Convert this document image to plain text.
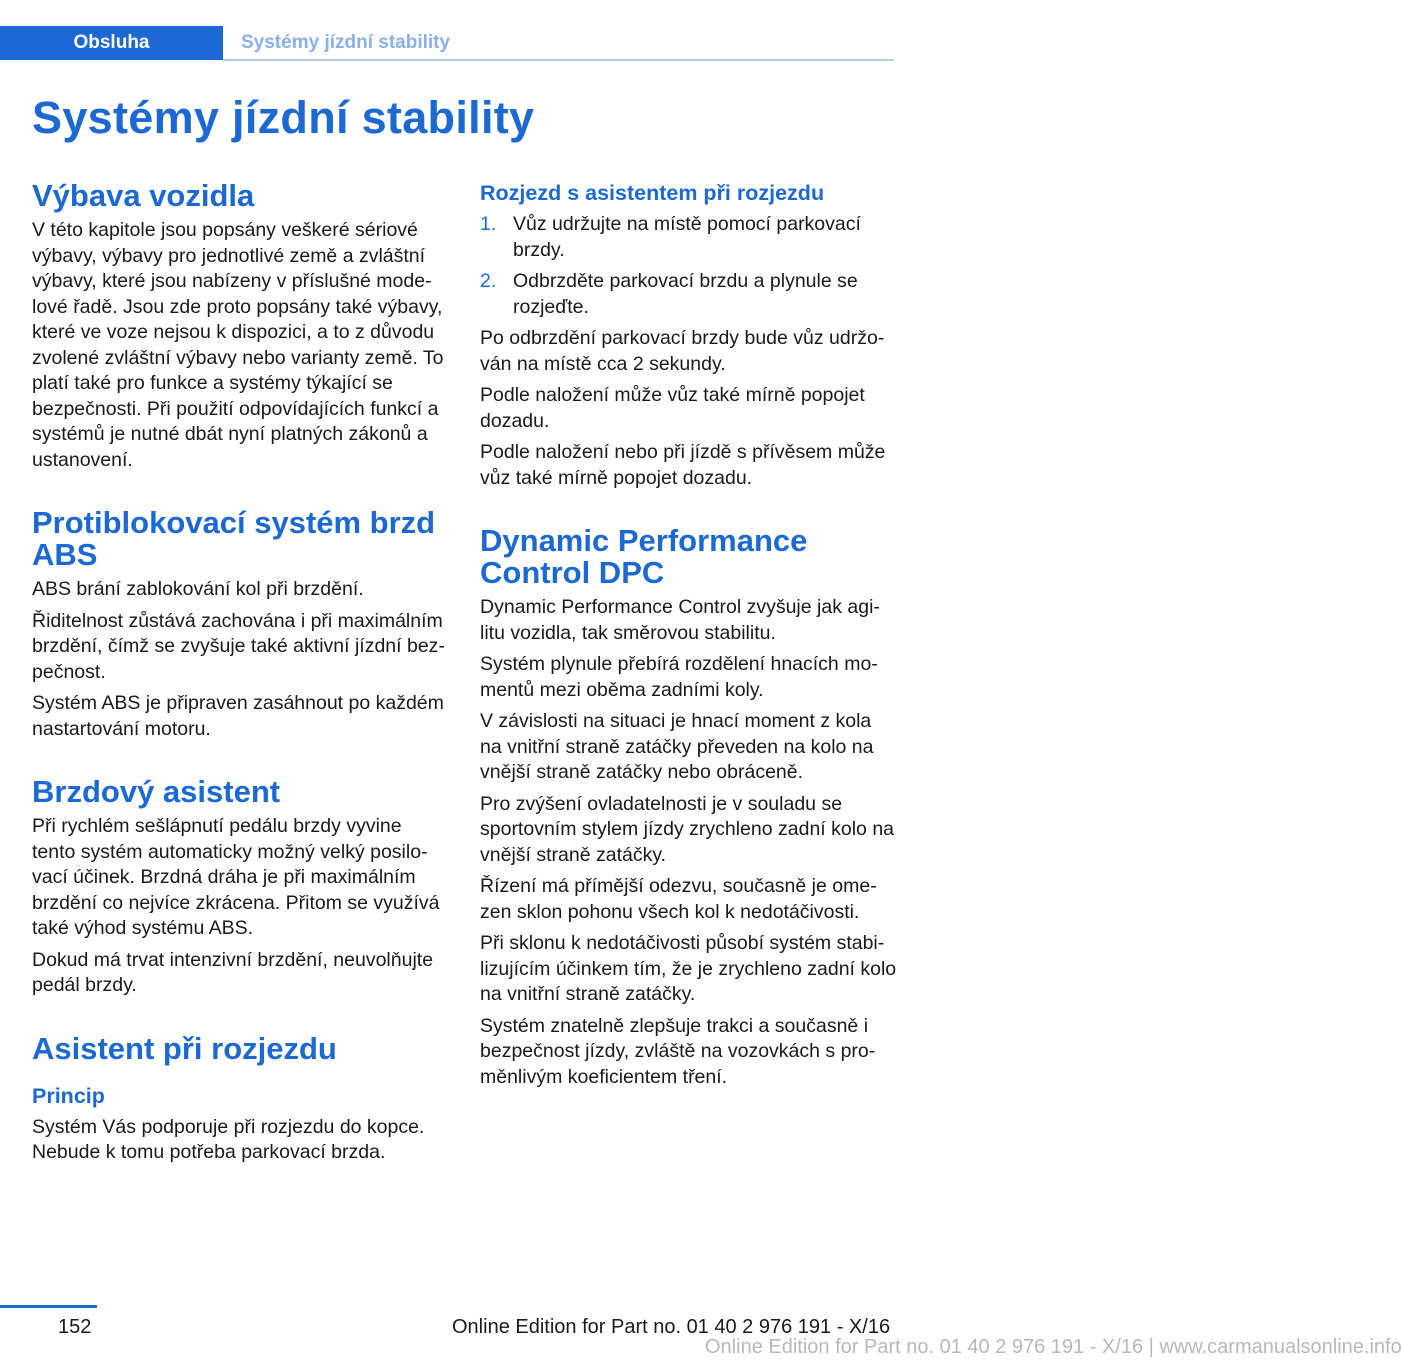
Obsluha	Systémy jízdní stability
Systémy jízdní stability
Výbava vozidla

V této kapitole jsou popsány veškeré sériové výbavy, výbavy pro jednotlivé země a zvláštní výbavy, které jsou nabízeny v příslušné modelové řadě. Jsou zde proto popsány také výbavy, které ve voze nejsou k dispozici, a to z důvodu zvolené zvláštní výbavy nebo varianty země. To platí také pro funkce a systémy týkající se bezpečnosti. Při použití odpovídajících funkcí a systémů je nutné dbát nyní platných zákonů a ustanovení.

Protiblokovací systém brzd ABS

ABS brání zablokování kol při brzdění.

Řiditelnost zůstává zachována i při maximálním brzdění, čímž se zvyšuje také aktivní jízdní bezpečnost.

Systém ABS je připraven zasáhnout po každém nastartování motoru.

Brzdový asistent

Při rychlém sešlápnutí pedálu brzdy vyvine tento systém automaticky možný velký posilovací účinek. Brzdná dráha je při maximálním brzdění co nejvíce zkrácena. Přitom se využívá také výhod systému ABS.

Dokud má trvat intenzivní brzdění, neuvolňujte pedál brzdy.

Asistent při rozjezdu
Princip

Systém Vás podporuje při rozjezdu do kopce. Nebude k tomu potřeba parkovací brzda.

Rozjezd s asistentem při rozjezdu
1. Vůz udržujte na místě pomocí parkovací brzdy.
2. Odbrzděte parkovací brzdu a plynule se rozjeďte.

Po odbrzdění parkovací brzdy bude vůz udržován na místě cca 2 sekundy.

Podle naložení může vůz také mírně popojet dozadu.

Podle naložení nebo při jízdě s přívěsem může vůz také mírně popojet dozadu.

Dynamic Performance Control DPC

Dynamic Performance Control zvyšuje jak agilitu vozidla, tak směrovou stabilitu.

Systém plynule přebírá rozdělení hnacích momentů mezi oběma zadními koly.

V závislosti na situaci je hnací moment z kola na vnitřní straně zatáčky převeden na kolo na vnější straně zatáčky nebo obráceně.

Pro zvýšení ovladatelnosti je v souladu se sportovním stylem jízdy zrychleno zadní kolo na vnější straně zatáčky.

Řízení má přímější odezvu, současně je omezen sklon pohonu všech kol k nedotáčivosti.

Při sklonu k nedotáčivosti působí systém stabilizujícím účinkem tím, že je zrychleno zadní kolo na vnitřní straně zatáčky.

Systém znatelně zlepšuje trakci a současně i bezpečnost jízdy, zvláště na vozovkách s proměnlivým koeficientem tření.

152	Online Edition for Part no. 01 40 2 976 191 - X/16
Online Edition for Part no. 01 40 2 976 191 - X/16 | www.carmanualsonline.info
